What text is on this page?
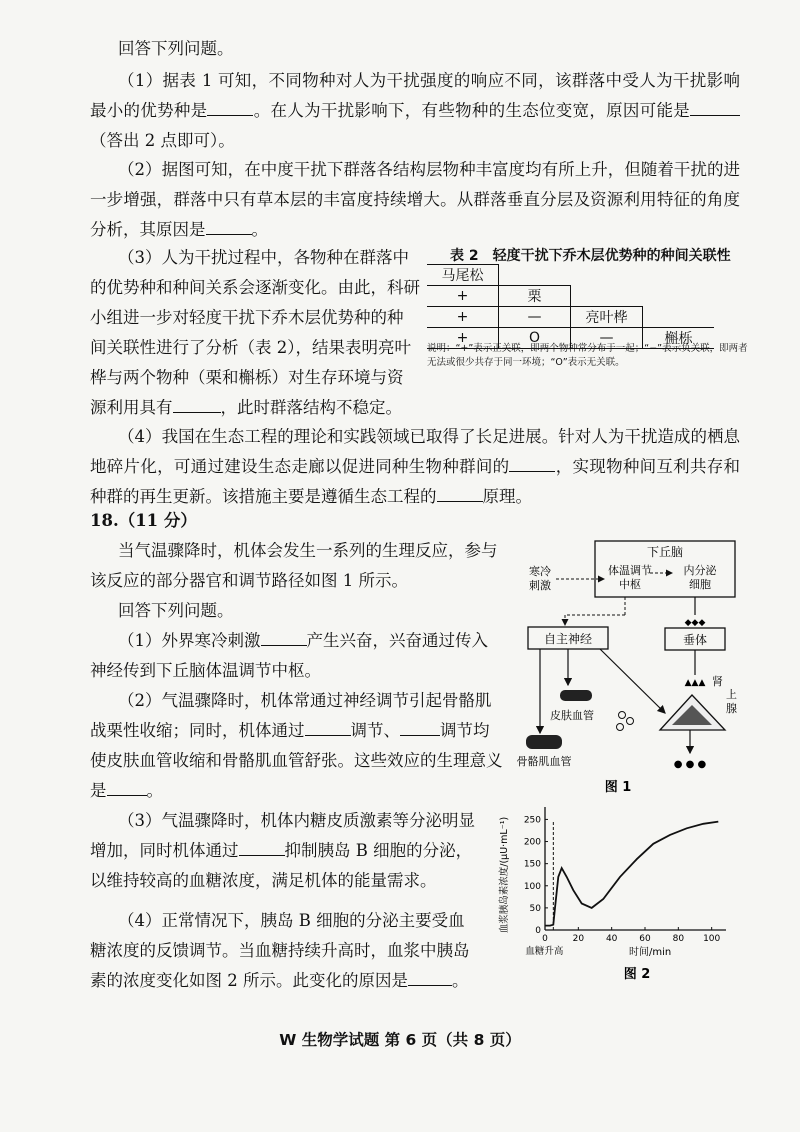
回答下列问题。

（1）据表 1 可知，不同物种对人为干扰强度的响应不同，该群落中受人为干扰影响最小的优势种是	。在人为干扰影响下，有些物种的生态位变宽，原因可能是（答出 2 点即可）。

（2）据图可知，在中度干扰下群落各结构层物种丰富度均有所上升，但随着干扰的进一步增强，群落中只有草本层的丰富度持续增大。从群落垂直分层及资源利用特征的角度分析，其原因是	。

（3）人为干扰过程中，各物种在群落中

的优势种和种间关系会逐渐变化。由此，科研

小组进一步对轻度干扰下乔木层优势种的种

间关联性进行了分析（表 2），结果表明亮叶

桦与两个物种（栗和槲栎）对生存环境与资

源利用具有	，此时群落结构不稳定。

表 2　轻度干扰下乔木层优势种的种间关联性
马尾松			
+	栗		
+	—	亮叶桦	
+	O	—	槲栎
说明：“+”表示正关联，即两个物种常分布于一起；“−”表示负关联，即两者无法或很少共存于同一环境；“O”表示无关联。

（4）我国在生态工程的理论和实践领域已取得了长足进展。针对人为干扰造成的栖息地碎片化，可通过建设生态走廊以促进同种生物种群间的	，实现物种间互利共存和种群的再生更新。该措施主要是遵循生态工程的	原理。

18.（11 分）

当气温骤降时，机体会发生一系列的生理反应，参与

该反应的部分器官和调节路径如图 1 所示。

回答下列问题。

（1）外界寒冷刺激	产生兴奋，兴奋通过传入

神经传到下丘脑体温调节中枢。

（2）气温骤降时，机体常通过神经调节引起骨骼肌

战栗性收缩；同时，机体通过	调节、 调节均

使皮肤血管收缩和骨骼肌血管舒张。这些效应的生理意义

是 。

（3）气温骤降时，机体内糖皮质激素等分泌明显

增加，同时机体通过	抑制胰岛 B 细胞的分泌，

以维持较高的血糖浓度，满足机体的能量需求。

（4）正常情况下，胰岛 B 细胞的分泌主要受血

糖浓度的反馈调节。当血糖持续升高时，血浆中胰岛

素的浓度变化如图 2 所示。此变化的原因是	。

下丘脑
体温调节
中枢
内分泌
细胞
寒冷
刺激
自主神经
◆◆◆
垂体
▲▲▲
皮肤血管
骨骼肌血管
肾
上
腺
● ● ●
图 1
血浆胰岛素浓度/(μU·mL⁻¹)
0	20 40 60 80 100
0
50
100
150
200
250
血糖升高	时间/min
图 2
W 生物学试题 第 6 页（共 8 页）
